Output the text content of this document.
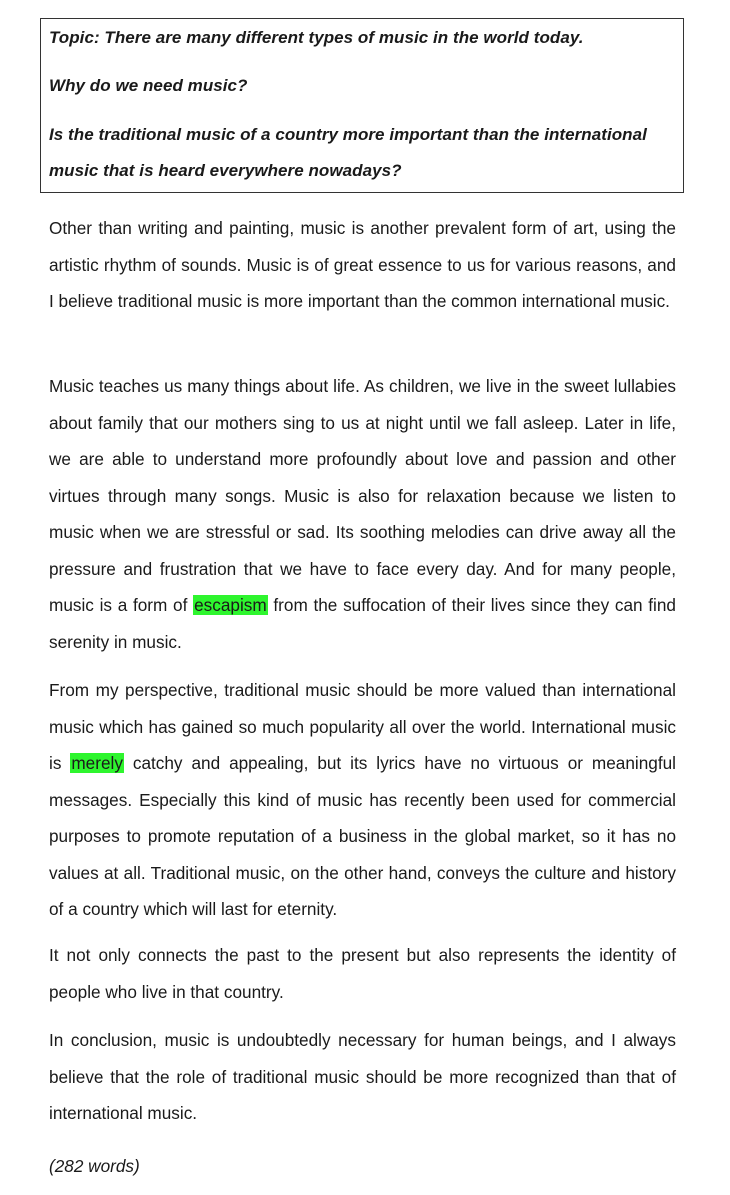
Topic: There are many different types of music in the world today.
Why do we need music?
Is the traditional music of a country more important than the international
music that is heard everywhere nowadays?

Other than writing and painting, music is another prevalent form of art, using the artistic rhythm of sounds. Music is of great essence to us for various reasons, and I believe traditional music is more important than the common international music.

Music teaches us many things about life. As children, we live in the sweet lullabies about family that our mothers sing to us at night until we fall asleep. Later in life, we are able to understand more profoundly about love and passion and other virtues through many songs. Music is also for relaxation because we listen to music when we are stressful or sad. Its soothing melodies can drive away all the pressure and frustration that we have to face every day. And for many people, music is a form of escapism from the suffocation of their lives since they can find serenity in music.

From my perspective, traditional music should be more valued than international music which has gained so much popularity all over the world. International music is merely catchy and appealing, but its lyrics have no virtuous or meaningful messages. Especially this kind of music has recently been used for commercial purposes to promote reputation of a business in the global market, so it has no values at all. Traditional music, on the other hand, conveys the culture and history of a country which will last for eternity.

It not only connects the past to the present but also represents the identity of people who live in that country.

In conclusion, music is undoubtedly necessary for human beings, and I always believe that the role of traditional music should be more recognized than that of international music.

(282 words)
